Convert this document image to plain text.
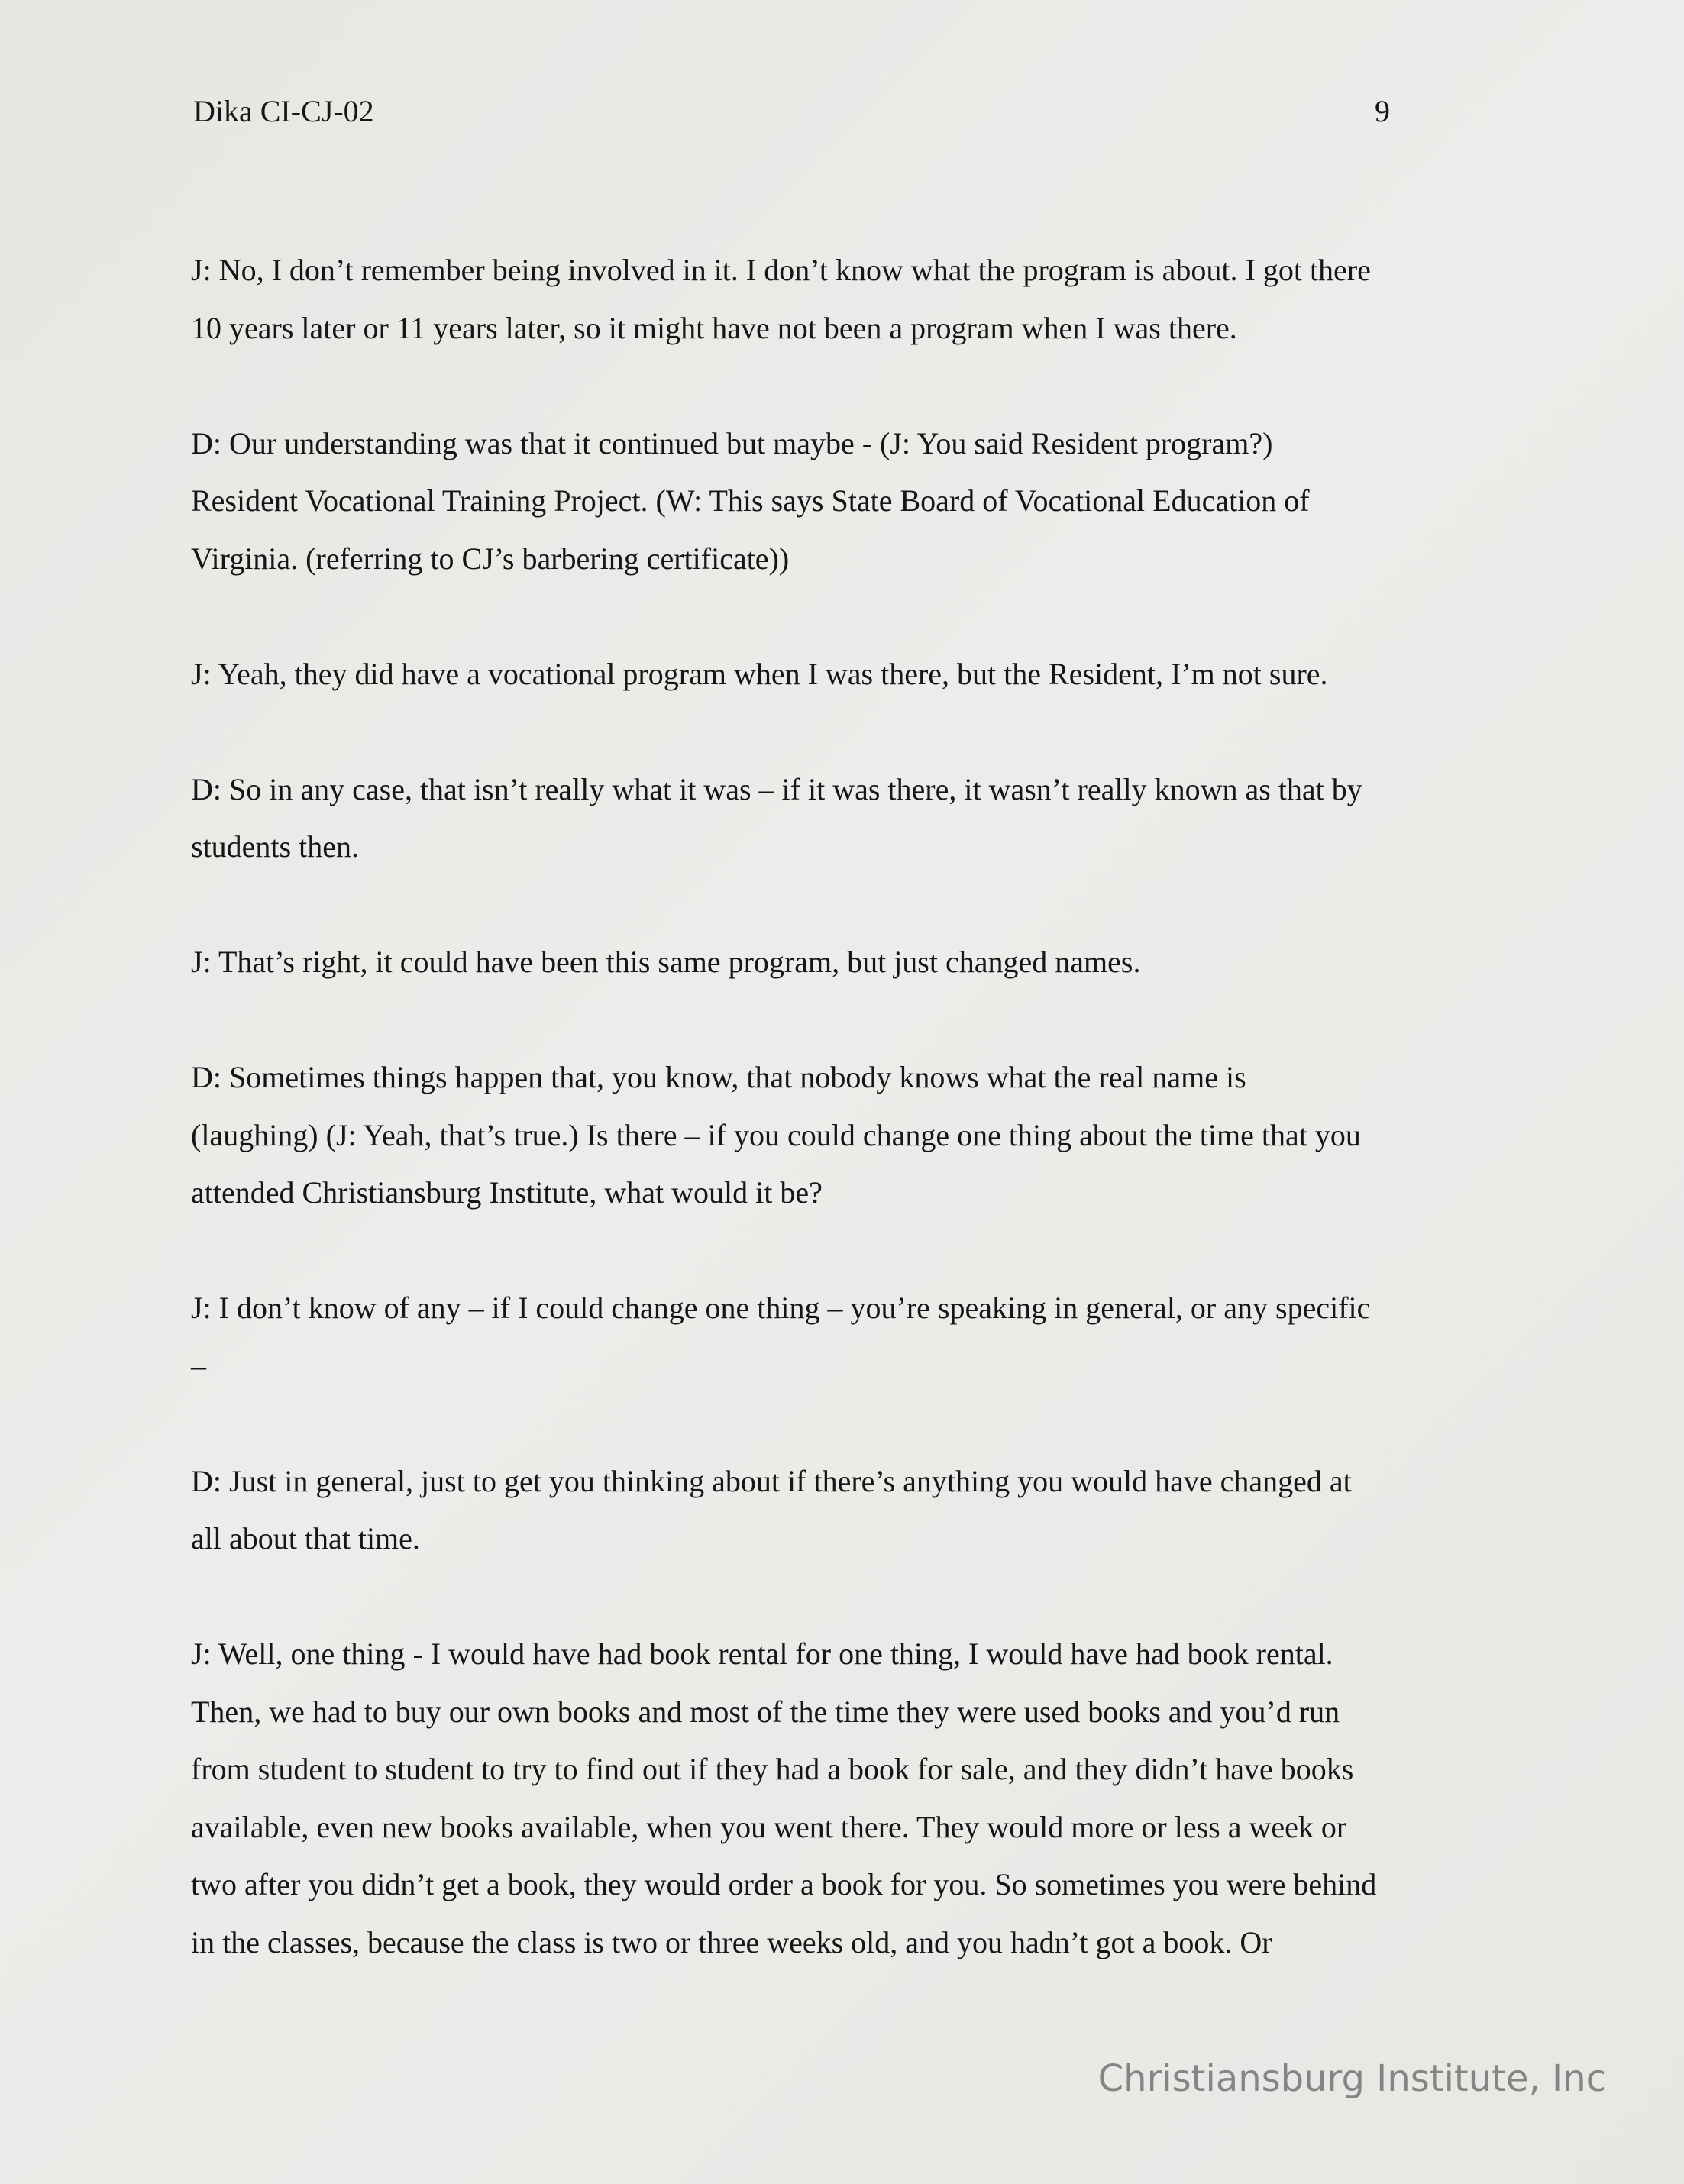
Dika CI-CJ-02	9
J: No, I don’t remember being involved in it. I don’t know what the program is about. I got there
10 years later or 11 years later, so it might have not been a program when I was there.
D: Our understanding was that it continued but maybe - (J: You said Resident program?)
Resident Vocational Training Project. (W: This says State Board of Vocational Education of
Virginia. (referring to CJ’s barbering certificate))
J: Yeah, they did have a vocational program when I was there, but the Resident, I’m not sure.
D: So in any case, that isn’t really what it was – if it was there, it wasn’t really known as that by
students then.
J: That’s right, it could have been this same program, but just changed names.
D: Sometimes things happen that, you know, that nobody knows what the real name is
(laughing) (J: Yeah, that’s true.) Is there – if you could change one thing about the time that you
attended Christiansburg Institute, what would it be?
J: I don’t know of any – if I could change one thing – you’re speaking in general, or any specific
–
D: Just in general, just to get you thinking about if there’s anything you would have changed at
all about that time.
J: Well, one thing - I would have had book rental for one thing, I would have had book rental.
Then, we had to buy our own books and most of the time they were used books and you’d run
from student to student to try to find out if they had a book for sale, and they didn’t have books
available, even new books available, when you went there. They would more or less a week or
two after you didn’t get a book, they would order a book for you. So sometimes you were behind
in the classes, because the class is two or three weeks old, and you hadn’t got a book. Or
Christiansburg Institute, Inc
